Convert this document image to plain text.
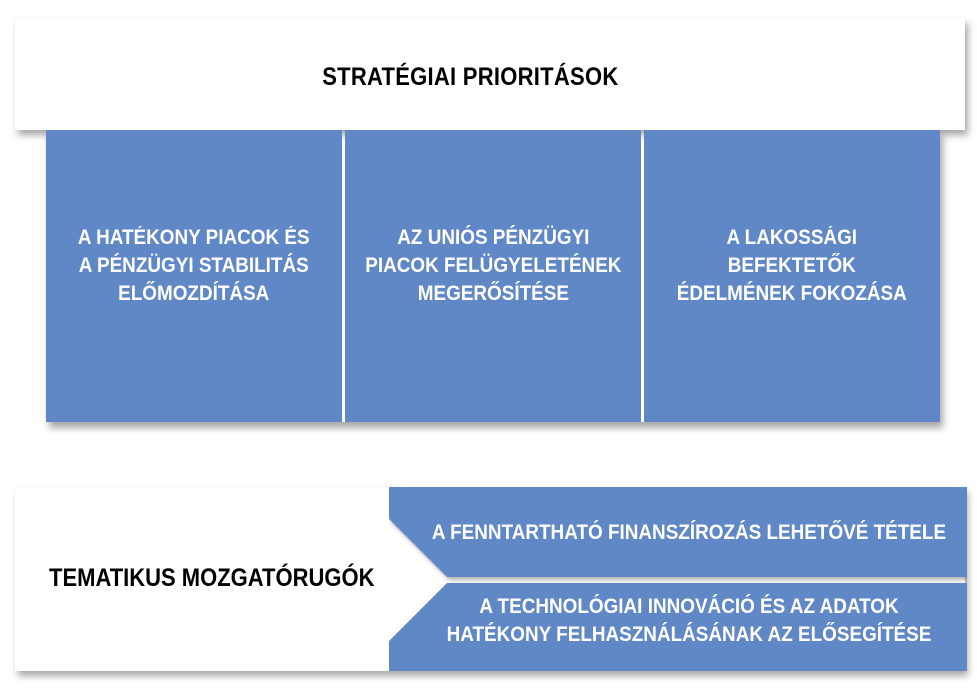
STRATÉGIAI PRIORITÁSOK
A HATÉKONY PIACOK ÉS
A PÉNZÜGYI STABILITÁS
ELŐMOZDÍTÁSA
AZ UNIÓS PÉNZÜGYI
PIACOK FELÜGYELETÉNEK
MEGERŐSÍTÉSE
A LAKOSSÁGI
BEFEKTETŐK
ÉDELMÉNEK FOKOZÁSA
TEMATIKUS MOZGATÓRUGÓK
A FENNTARTHATÓ FINANSZÍROZÁS LEHETŐVÉ TÉTELE
A TECHNOLÓGIAI INNOVÁCIÓ ÉS AZ ADATOK
HATÉKONY FELHASZNÁLÁSÁNAK AZ ELŐSEGÍTÉSE
